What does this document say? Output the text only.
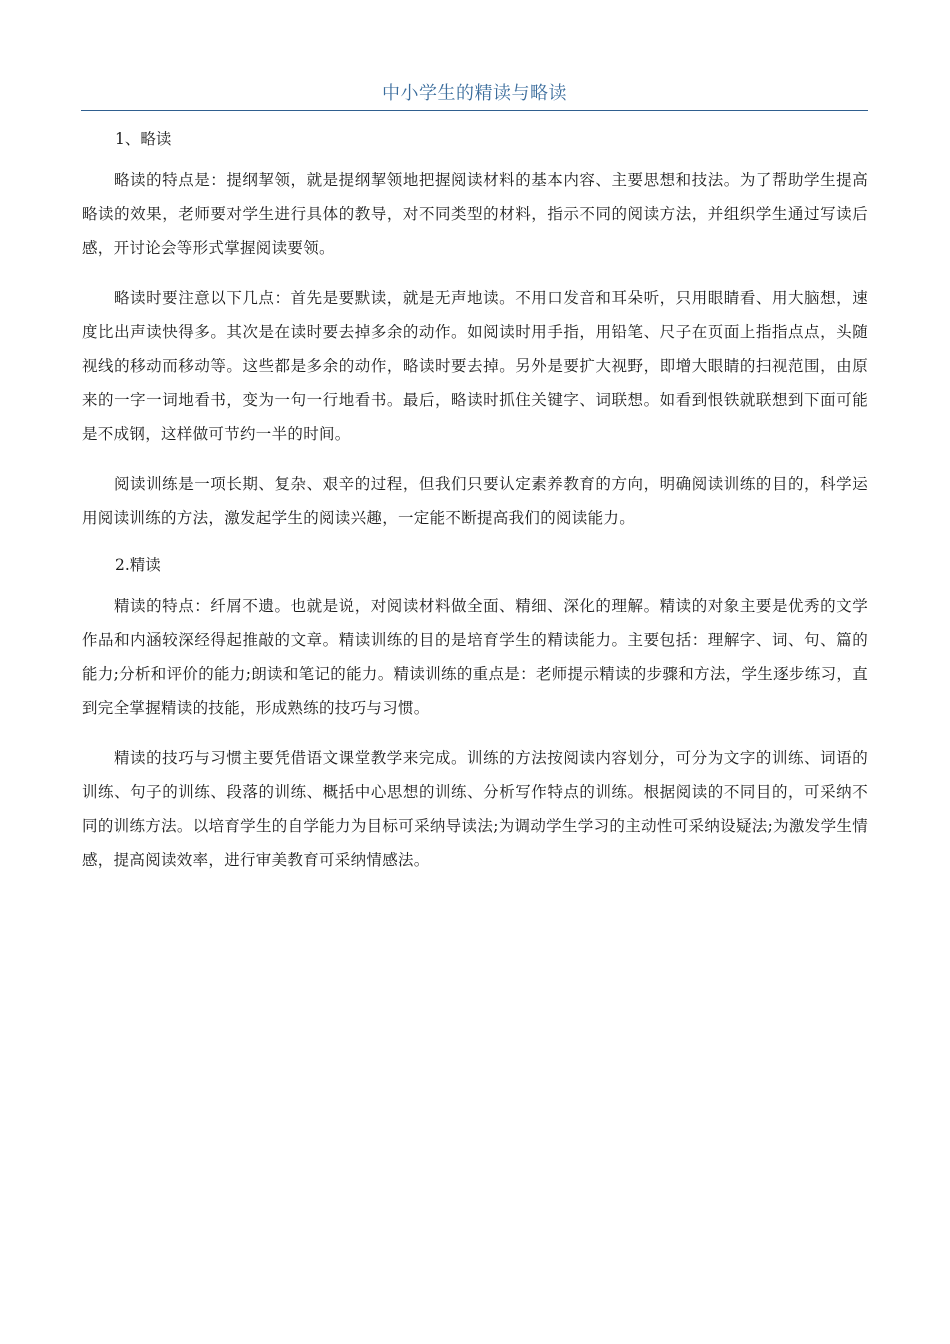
中小学生的精读与略读

1、略读

略读的特点是：提纲挈领，就是提纲挈领地把握阅读材料的基本内容、主要思想和技法。为了帮助学生提高略读的效果，老师要对学生进行具体的教导，对不同类型的材料，指示不同的阅读方法，并组织学生通过写读后感，开讨论会等形式掌握阅读要领。

略读时要注意以下几点：首先是要默读，就是无声地读。不用口发音和耳朵听，只用眼睛看、用大脑想，速度比出声读快得多。其次是在读时要去掉多余的动作。如阅读时用手指，用铅笔、尺子在页面上指指点点，头随视线的移动而移动等。这些都是多余的动作，略读时要去掉。另外是要扩大视野，即增大眼睛的扫视范围，由原来的一字一词地看书，变为一句一行地看书。最后，略读时抓住关键字、词联想。如看到恨铁就联想到下面可能是不成钢，这样做可节约一半的时间。

阅读训练是一项长期、复杂、艰辛的过程，但我们只要认定素养教育的方向，明确阅读训练的目的，科学运用阅读训练的方法，激发起学生的阅读兴趣，一定能不断提高我们的阅读能力。

2.精读

精读的特点：纤屑不遗。也就是说，对阅读材料做全面、精细、深化的理解。精读的对象主要是优秀的文学作品和内涵较深经得起推敲的文章。精读训练的目的是培育学生的精读能力。主要包括：理解字、词、句、篇的能力;分析和评价的能力;朗读和笔记的能力。精读训练的重点是：老师提示精读的步骤和方法，学生逐步练习，直到完全掌握精读的技能，形成熟练的技巧与习惯。

精读的技巧与习惯主要凭借语文课堂教学来完成。训练的方法按阅读内容划分，可分为文字的训练、词语的训练、句子的训练、段落的训练、概括中心思想的训练、分析写作特点的训练。根据阅读的不同目的，可采纳不同的训练方法。以培育学生的自学能力为目标可采纳导读法;为调动学生学习的主动性可采纳设疑法;为激发学生情感，提高阅读效率，进行审美教育可采纳情感法。
